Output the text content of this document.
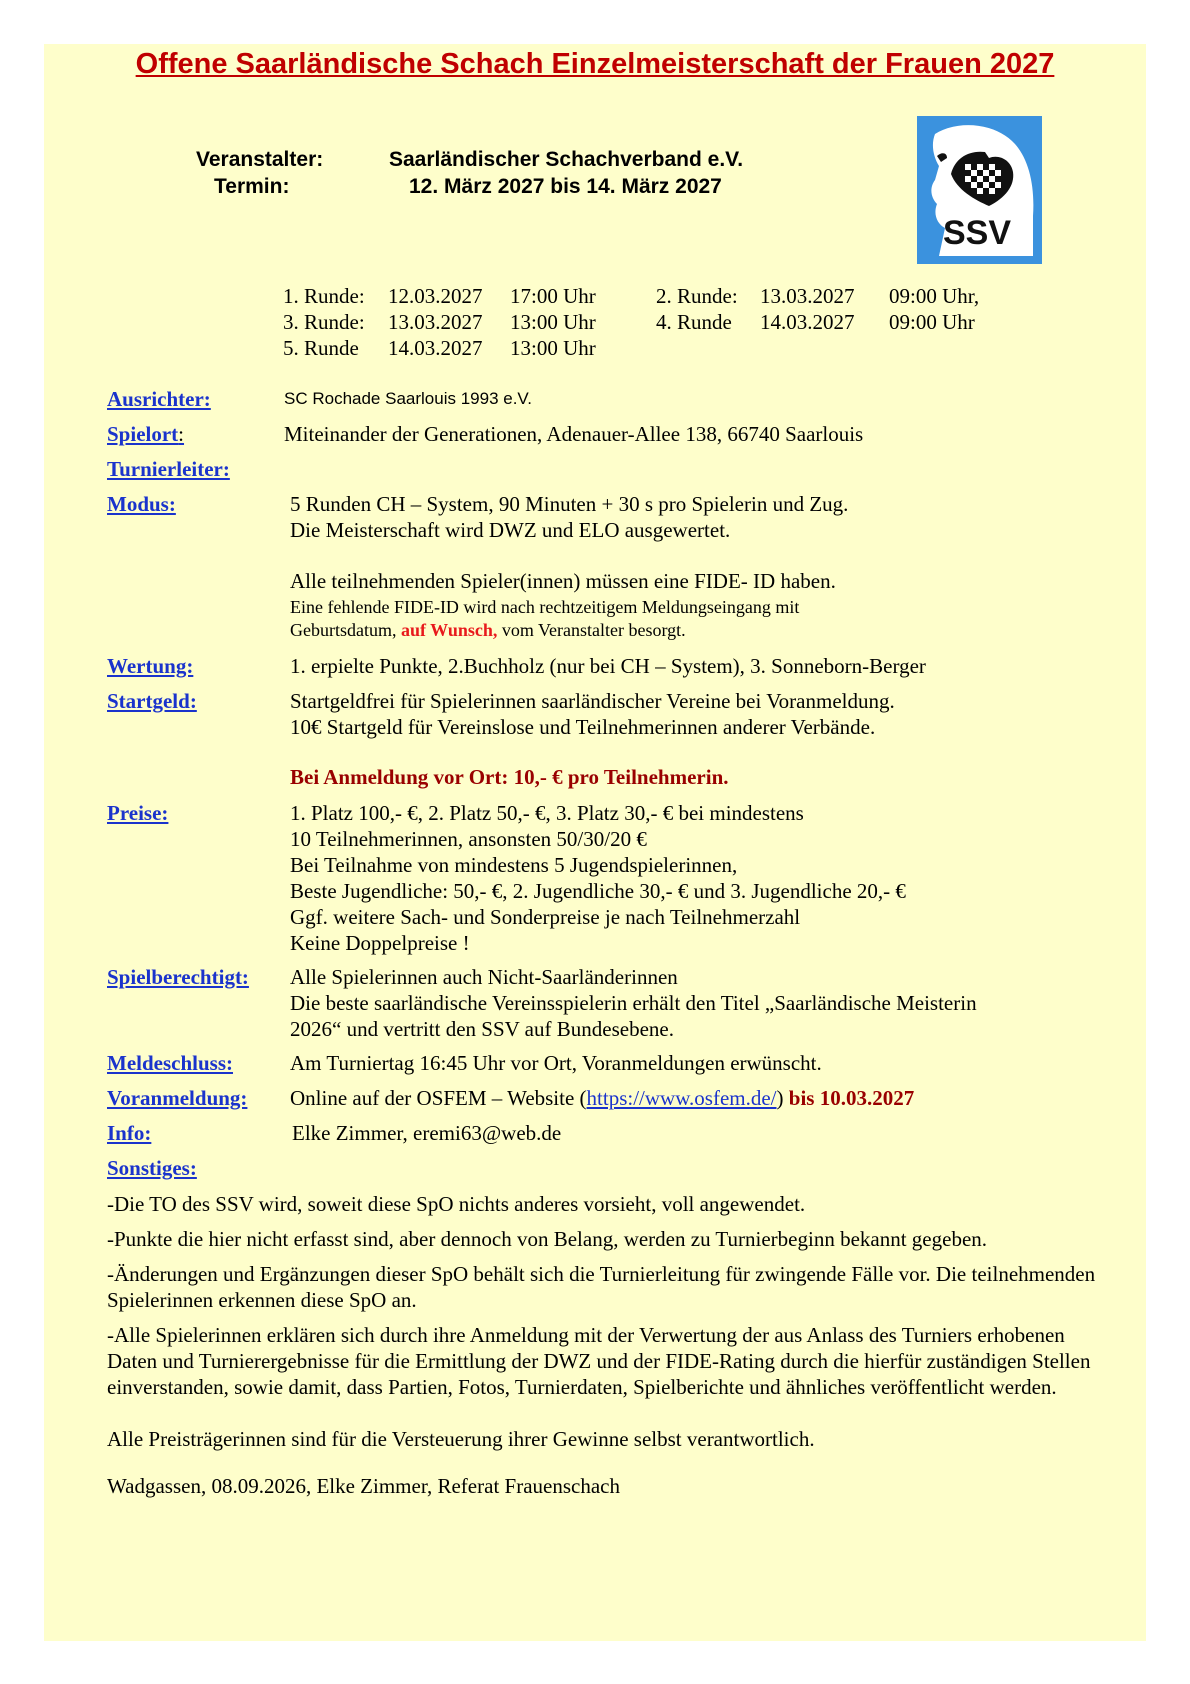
Offene Saarländische Schach Einzelmeisterschaft der Frauen 2027
Veranstalter:	Saarländischer Schachverband e.V.
Termin:	12. März 2027 bis 14. März 2027
SSV
1. Runde: 12.03.2027 17:00 Uhr	2. Runde: 13.03.2027 09:00 Uhr,
3. Runde: 13.03.2027 13:00 Uhr	4. Runde 14.03.2027 09:00 Uhr
5. Runde 14.03.2027 13:00 Uhr
Ausrichter:	SC Rochade Saarlouis 1993 e.V.
Spielort:	Miteinander der Generationen, Adenauer-Allee 138, 66740 Saarlouis
Turnierleiter:
Modus:	5 Runden CH – System, 90 Minuten + 30 s pro Spielerin und Zug.
Die Meisterschaft wird DWZ und ELO ausgewertet.
Alle teilnehmenden Spieler(innen) müssen eine FIDE- ID haben.
Eine fehlende FIDE-ID wird nach rechtzeitigem Meldungseingang mit
Geburtsdatum, auf Wunsch, vom Veranstalter besorgt.
Wertung:	1. erpielte Punkte, 2.Buchholz (nur bei CH – System), 3. Sonneborn-Berger
Startgeld:	Startgeldfrei für Spielerinnen saarländischer Vereine bei Voranmeldung.
10€ Startgeld für Vereinslose und Teilnehmerinnen anderer Verbände.
Bei Anmeldung vor Ort: 10,- € pro Teilnehmerin.
Preise:	1. Platz 100,- €, 2. Platz 50,- €, 3. Platz 30,- € bei mindestens
10 Teilnehmerinnen, ansonsten 50/30/20 €
Bei Teilnahme von mindestens 5 Jugendspielerinnen,
Beste Jugendliche: 50,- €, 2. Jugendliche 30,- € und 3. Jugendliche 20,- €
Ggf. weitere Sach- und Sonderpreise je nach Teilnehmerzahl
Keine Doppelpreise !
Spielberechtigt: Alle Spielerinnen auch Nicht-Saarländerinnen
Die beste saarländische Vereinsspielerin erhält den Titel „Saarländische Meisterin
2026“ und vertritt den SSV auf Bundesebene.
Meldeschluss:	Am Turniertag 16:45 Uhr vor Ort, Voranmeldungen erwünscht.
Voranmeldung: Online auf der OSFEM – Website (https://www.osfem.de/) bis 10.03.2027
Info:	Elke Zimmer, eremi63@web.de
Sonstiges:
-Die TO des SSV wird, soweit diese SpO nichts anderes vorsieht, voll angewendet.
-Punkte die hier nicht erfasst sind, aber dennoch von Belang, werden zu Turnierbeginn bekannt gegeben.
-Änderungen und Ergänzungen dieser SpO behält sich die Turnierleitung für zwingende Fälle vor. Die teilnehmenden Spielerinnen erkennen diese SpO an.
-Alle Spielerinnen erklären sich durch ihre Anmeldung mit der Verwertung der aus Anlass des Turniers erhobenen Daten und Turnierergebnisse für die Ermittlung der DWZ und der FIDE-Rating durch die hierfür zuständigen Stellen einverstanden, sowie damit, dass Partien, Fotos, Turnierdaten, Spielberichte und ähnliches veröffentlicht werden.
Alle Preisträgerinnen sind für die Versteuerung ihrer Gewinne selbst verantwortlich.
Wadgassen, 08.09.2026, Elke Zimmer, Referat Frauenschach
